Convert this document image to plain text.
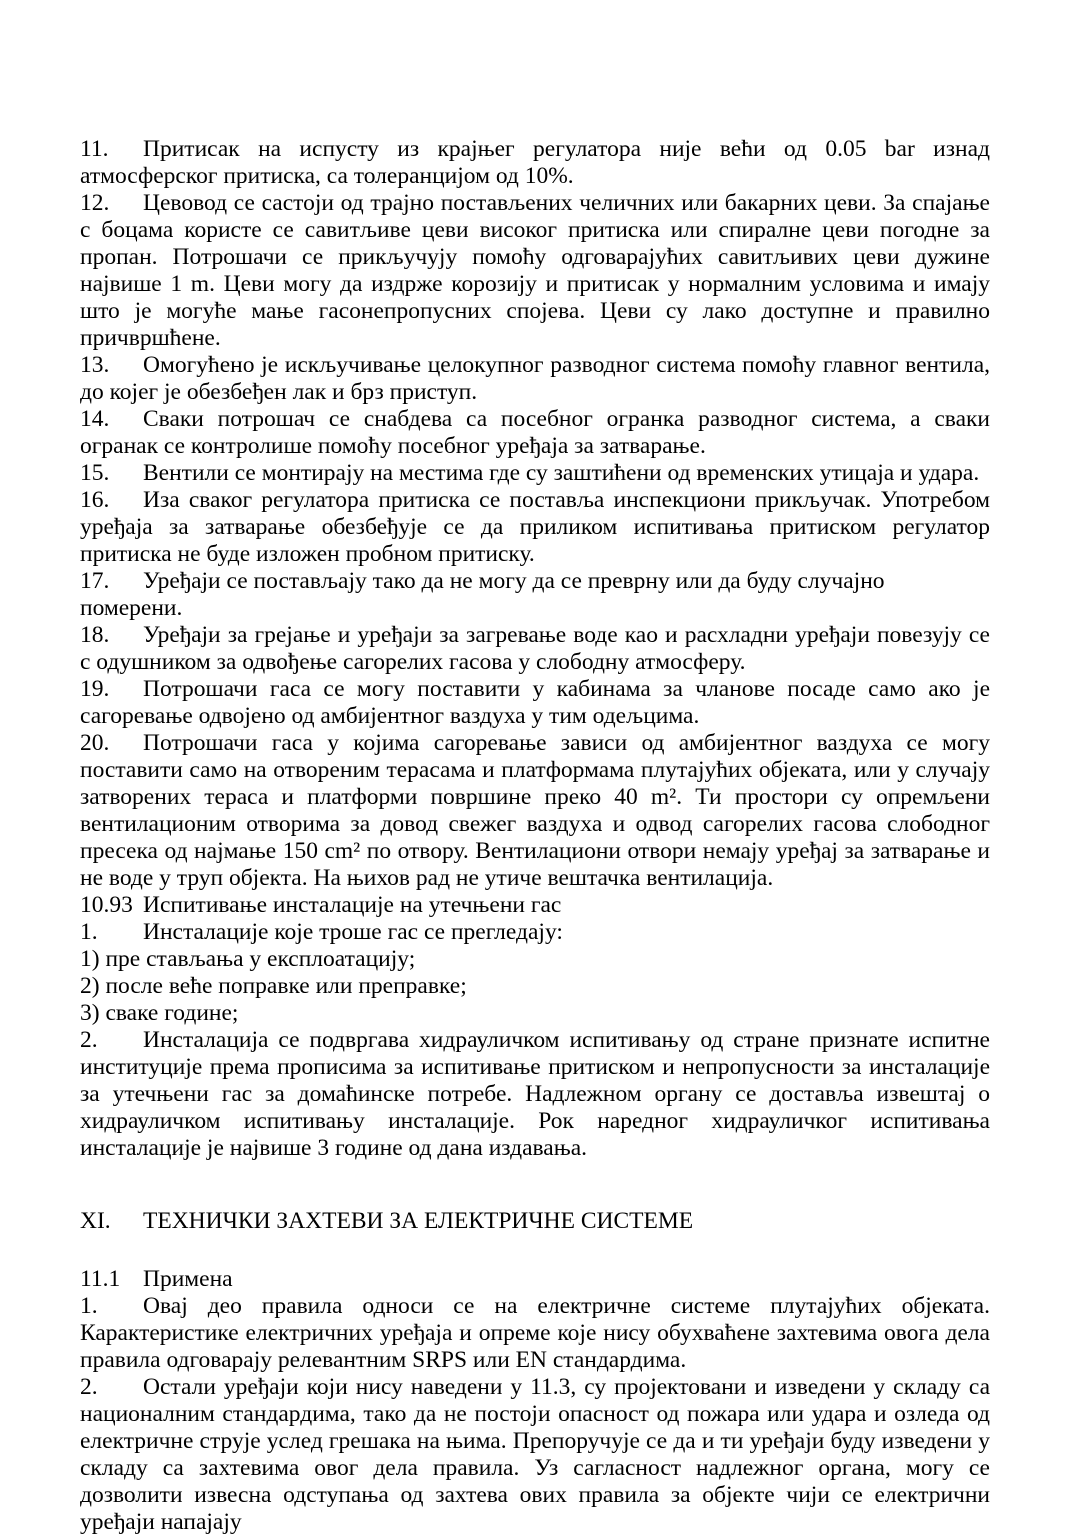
11. Притисак на испусту из крајњег регулатора није већи од 0.05 bar изнад атмосферског притиска, са толеранцијом од 10%.

12. Цевовод се састоји од трајно постављених челичних или бакарних цеви. За спајање с боцама користе се савитљиве цеви високог притиска или спиралне цеви погодне за пропан. Потрошачи се прикључују помоћу одговарајућих савитљивих цеви дужине највише 1 m. Цеви могу да издрже корозију и притисак у нормалним условима и имају што је могуће мање гасонепропусних спојева. Цеви су лако доступне и правилно причвршћене.

13. Омогућено је искључивање целокупног разводног система помоћу главног вентила, до којег је обезбеђен лак и брз приступ.

14. Сваки потрошач се снабдева са посебног огранка разводног система, а сваки огранак се контролише помоћу посебног уређаја за затварање.

15. Вентили се монтирају на местима где су заштићени од временских утицаја и удара.

16. Иза сваког регулатора притиска се поставља инспекциони прикључак. Употребом уређаја за затварање обезбеђује се да приликом испитивања притиском регулатор притиска не буде изложен пробном притиску.

17. Уређаји се постављају тако да не могу да се преврну или да буду случајно померени.

18. Уређаји за грејање и уређаји за загревање воде као и расхладни уређаји повезују се с одушником за одвођење сагорелих гасова у слободну атмосферу.

19. Потрошачи гаса се могу поставити у кабинама за чланове посаде само ако је сагоревање одвојено од амбијентног ваздуха у тим одељцима.

20. Потрошачи гаса у којима сагоревање зависи од амбијентног ваздуха се могу поставити само на отвореним терасама и платформама плутајућих објеката, или у случају затворених тераса и платформи површине преко 40 m². Ти простори су опремљени вентилационим отворима за довод свежег ваздуха и одвод сагорелих гасова слободног пресека од најмање 150 cm² по отвору. Вентилациони отвори немају уређај за затварање и не воде у труп објекта. На њихов рад не утиче вештачка вентилација.

10.93 Испитивање инсталације на утечњени гас

1. Инсталације које троше гас се прегледају:

1) пре стављања у експлоатацију;

2) после веће поправке или преправке;

3) сваке године;

2. Инсталација се подвргава хидрауличком испитивању од стране признате испитне институције према прописима за испитивање притиском и непропусности за инсталације за утечњени гас за домаћинске потребе. Надлежном органу се доставља извештај о хидрауличком испитивању инсталације. Рок наредног хидрауличког испитивања инсталације је највише 3 године од дана издавања.

XI. ТЕХНИЧКИ ЗАХТЕВИ ЗА ЕЛЕКТРИЧНЕ СИСТЕМЕ

11.1 Примена

1. Овај део правила односи се на електричне системе плутајућих објеката. Карактеристике електричних уређаја и опреме које нису обухваћене захтевима овога дела правила одговарају релевантним SRPS или EN стандардима.

2. Остали уређаји који нису наведени у 11.3, су пројектовани и изведени у складу са националним стандардима, тако да не постоји опасност од пожара или удара и озледа од електричне струје услед грешака на њима. Препоручује се да и ти уређаји буду изведени у складу са захтевима овог дела правила. Уз сагласност надлежног органа, могу се дозволити извесна одступања од захтева ових правила за објекте чији се електрични уређаји напајају
